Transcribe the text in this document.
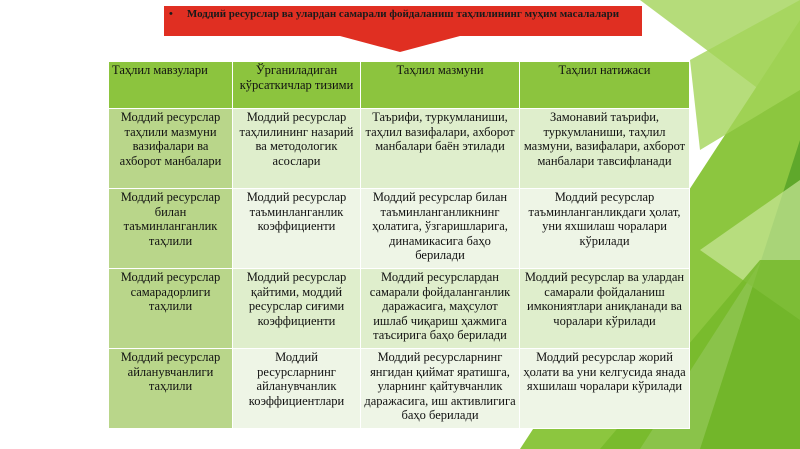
• Моддий ресурслар ва улардан самарали фойдаланиш таҳлилининг муҳим масалалари
Таҳлил мавзулари	Ўрганиладиган кўрсаткичлар тизими	Таҳлил мазмуни	Таҳлил натижаси
Моддий ресурслар таҳлили мазмуни вазифалари ва ахборот манбалари	Моддий ресурслар таҳлилининг назарий ва методологик асослари	Таърифи, туркумланиши, таҳлил вазифалари, ахборот манбалари баён этилади	Замонавий таърифи, туркумланиши, таҳлил мазмуни, вазифалари, ахборот манбалари тавсифланади
Моддий ресурслар билан таъминланганлик таҳлили	Моддий ресурслар таъминланганлик коэффициенти	Моддий ресурслар билан таъминланганликнинг ҳолатига, ўзгаришларига, динамикасига баҳо берилади	Моддий ресурслар таъминланганликдаги ҳолат, уни яхшилаш чоралари кўрилади
Моддий ресурслар самарадорлиги таҳлили	Моддий ресурслар қайтими, моддий ресурслар сиғими коэффициенти	Моддий ресурслардан самарали фойдаланганлик даражасига, маҳсулот ишлаб чиқариш ҳажмига таъсирига баҳо берилади	Моддий ресурслар ва улардан самарали фойдаланиш имкониятлари аниқланади ва чоралари кўрилади
Моддий ресурслар айланувчанлиги таҳлили	Моддий ресурсларнинг айланувчанлик коэффициентлари	Моддий ресурсларнинг янгидан қиймат яратишга, уларнинг қайтувчанлик даражасига, иш активлигига баҳо берилади	Моддий ресурслар жорий ҳолати ва уни келгусида янада яхшилаш чоралари кўрилади
